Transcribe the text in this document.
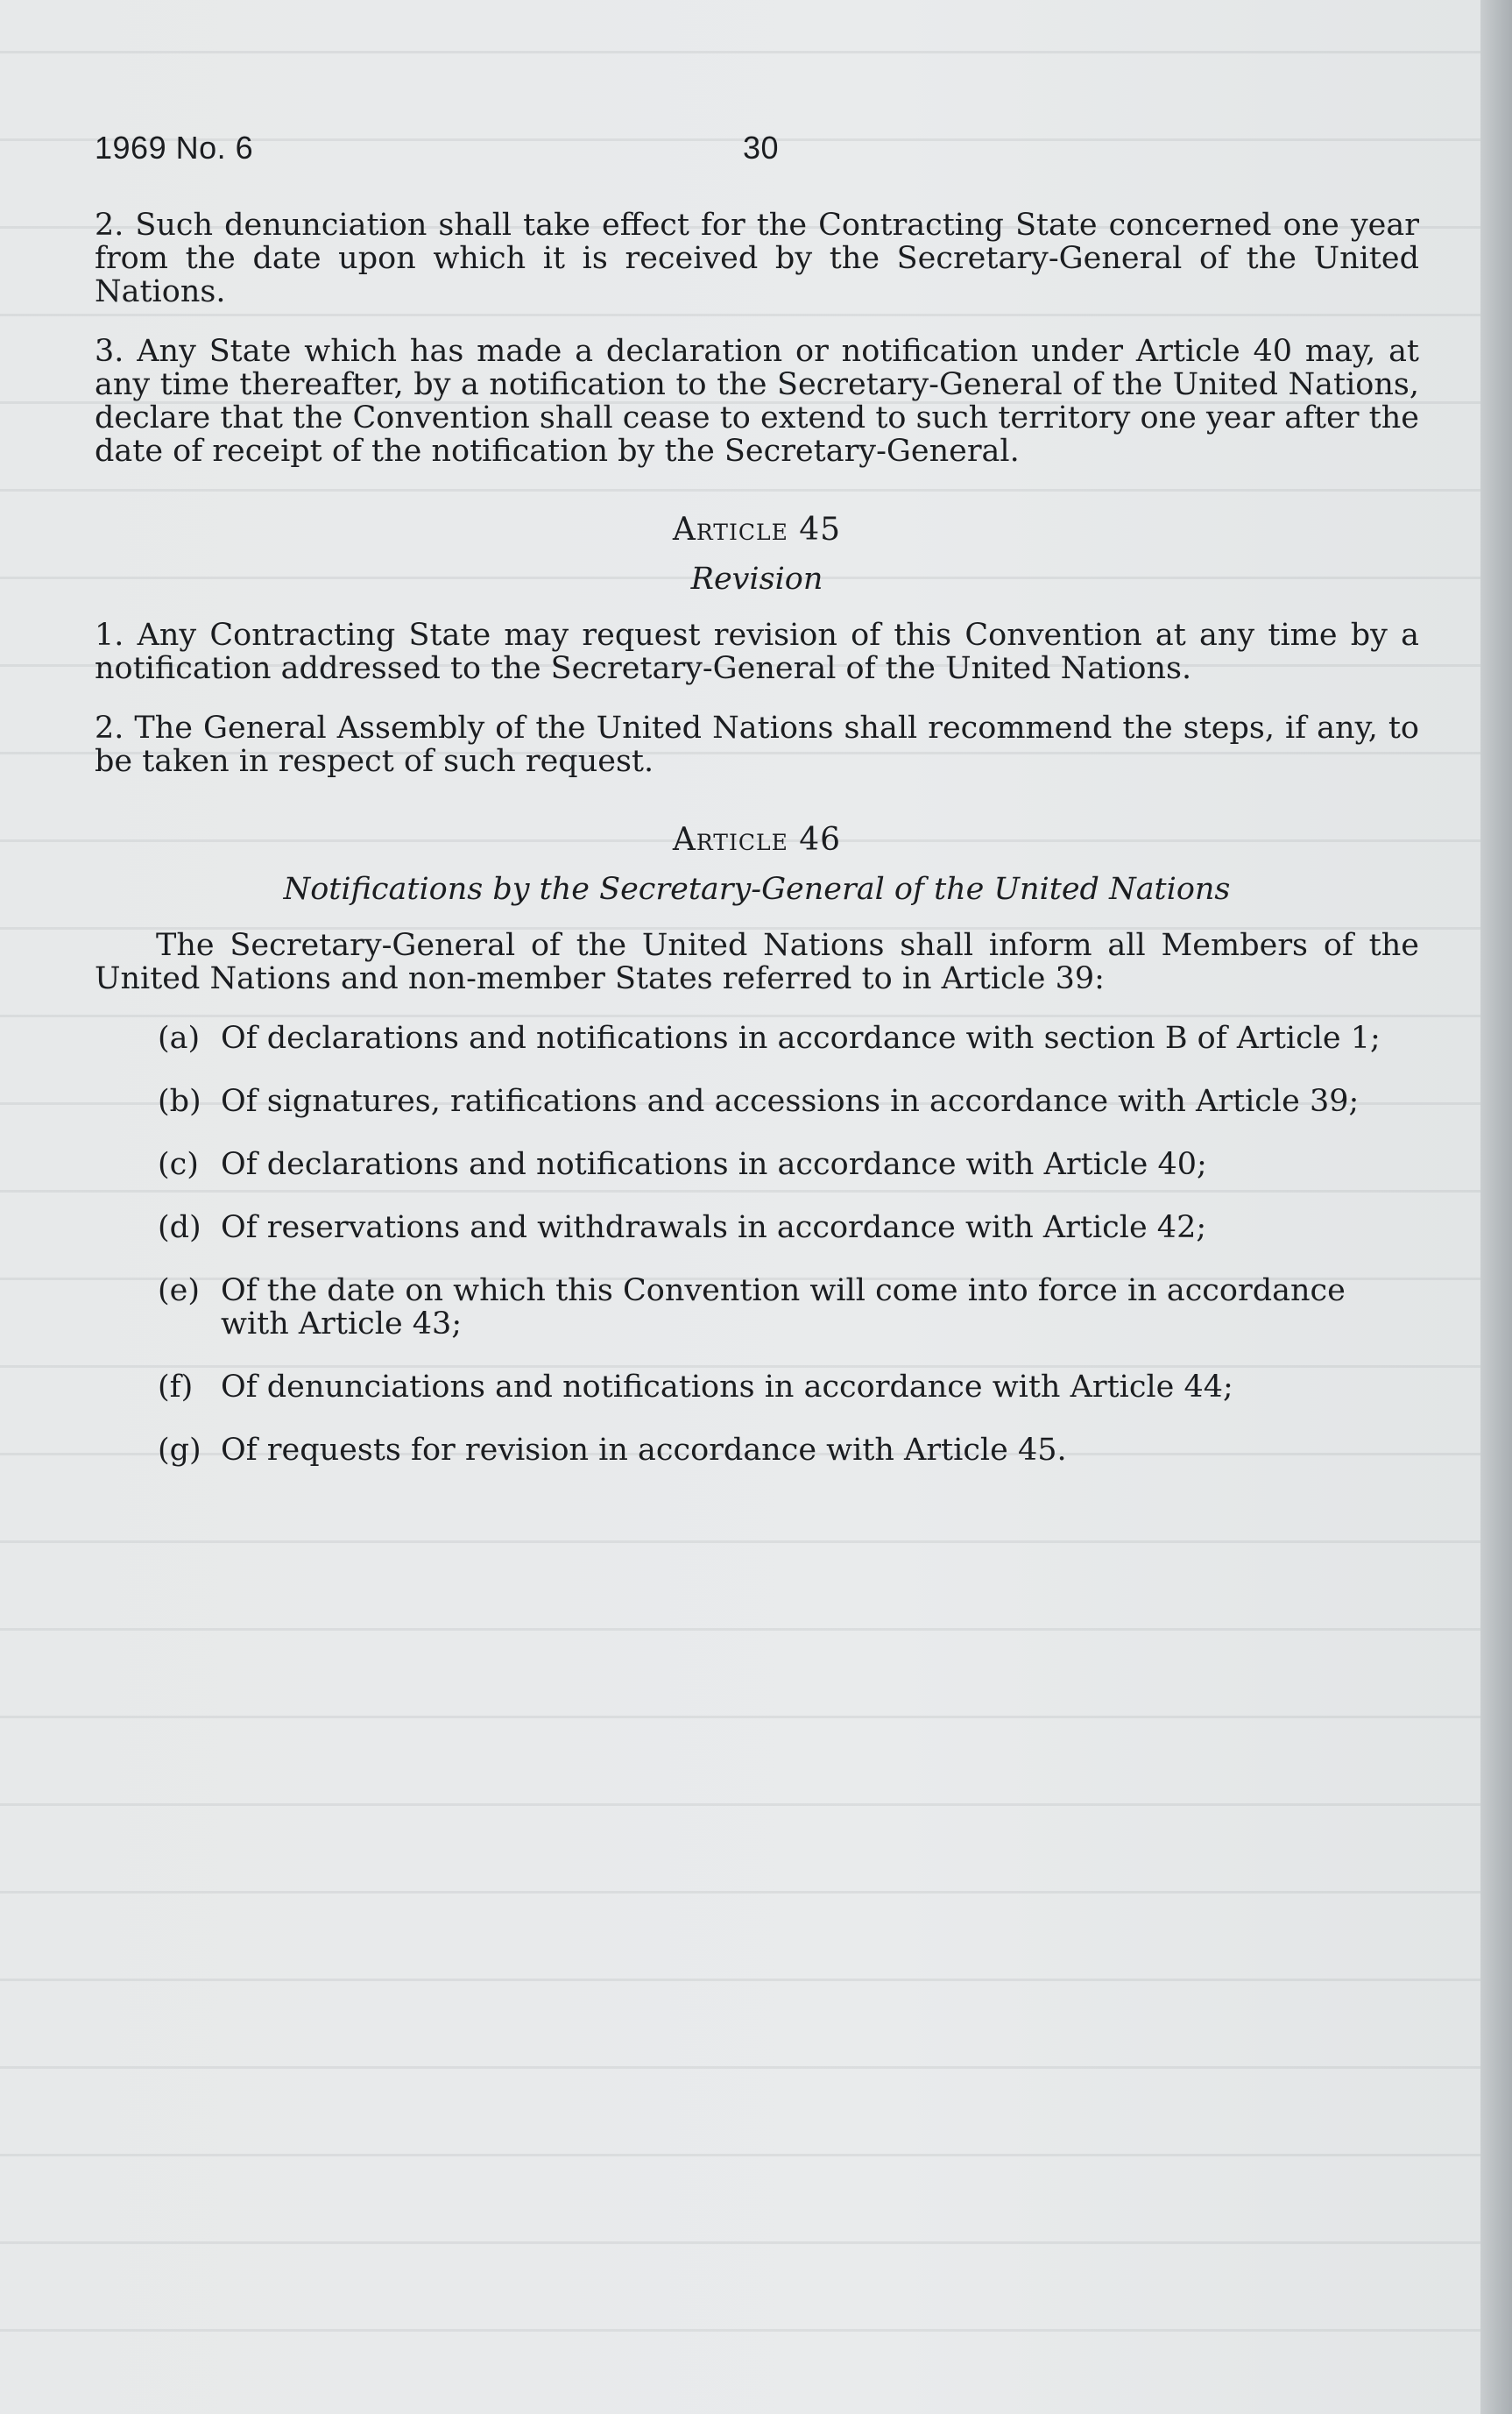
1969 No. 6	30

2. Such denunciation shall take effect for the Contracting State concerned one year from the date upon which it is received by the Secretary-General of the United Nations.

3. Any State which has made a declaration or notification under Article 40 may, at any time thereafter, by a notification to the Secretary-General of the United Nations, declare that the Convention shall cease to extend to such territory one year after the date of receipt of the notification by the Secretary-General.

Article 45
Revision

1. Any Contracting State may request revision of this Convention at any time by a notification addressed to the Secretary-General of the United Nations.

2. The General Assembly of the United Nations shall recommend the steps, if any, to be taken in respect of such request.

Article 46
Notifications by the Secretary-General of the United Nations

The Secretary-General of the United Nations shall inform all Members of the United Nations and non-member States referred to in Article 39:

(a) Of declarations and notifications in accordance with section B of Article 1;
(b) Of signatures, ratifications and accessions in accordance with Article 39;
(c) Of declarations and notifications in accordance with Article 40;
(d) Of reservations and withdrawals in accordance with Article 42;
(e) Of the date on which this Convention will come into force in accordance with Article 43;
(f) Of denunciations and notifications in accordance with Article 44;
(g) Of requests for revision in accordance with Article 45.
